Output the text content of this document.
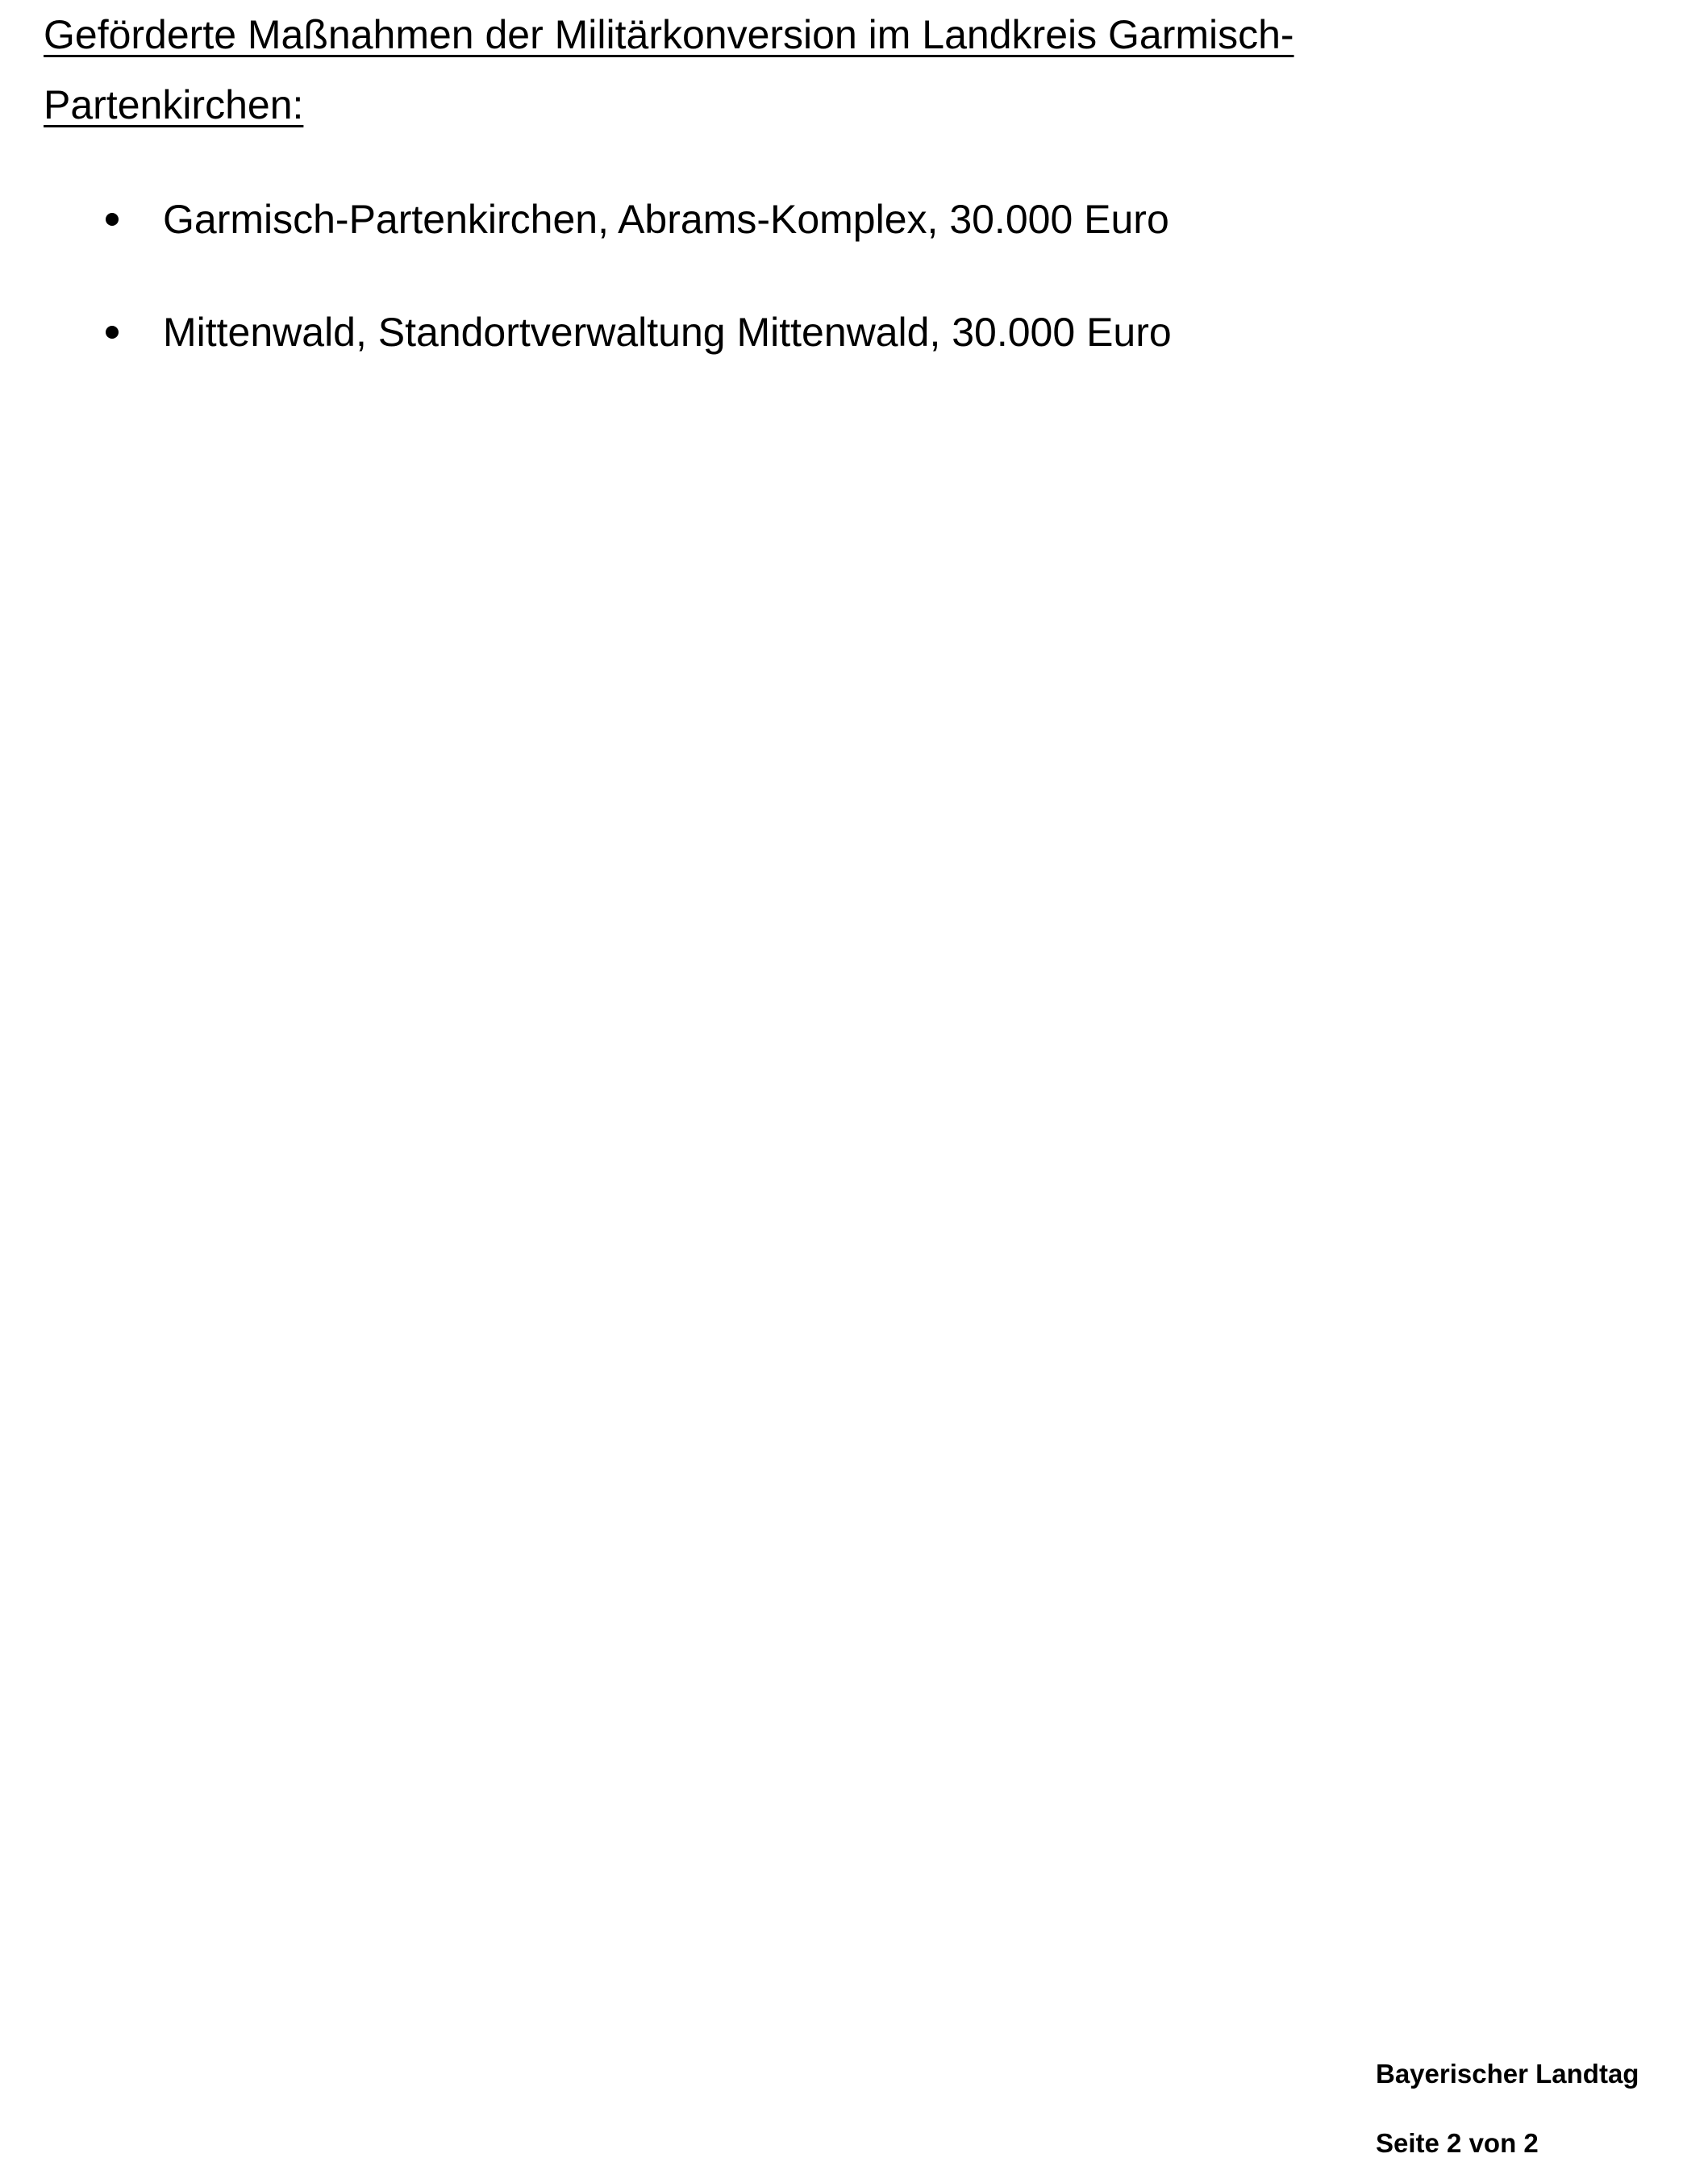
Geförderte Maßnahmen der Militärkonversion im Landkreis Garmisch-
Partenkirchen:
Garmisch-Partenkirchen, Abrams-Komplex, 30.000 Euro
Mittenwald, Standortverwaltung Mittenwald, 30.000 Euro
Bayerischer Landtag
Seite 2 von 2
